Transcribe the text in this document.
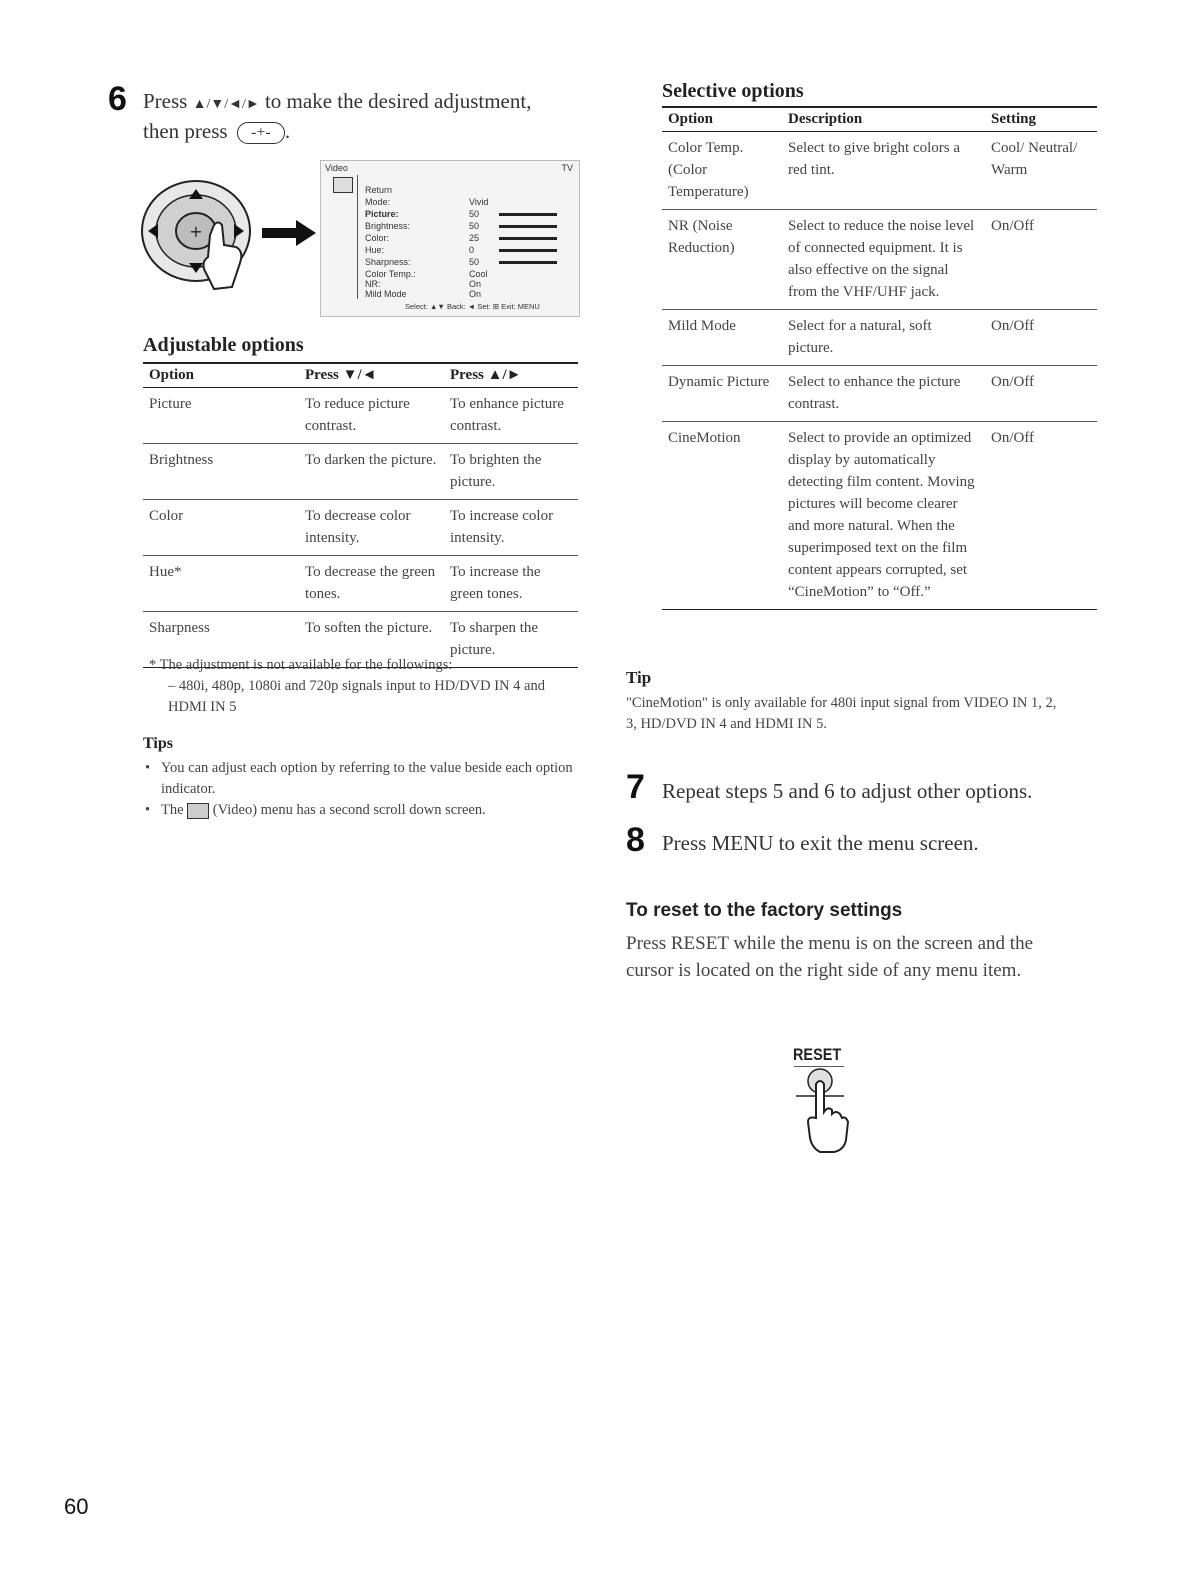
6 Press ▲/▼/◄/► to make the desired adjustment,
then press -+- .
+
Video	TV
Return
Mode:	Vivid
Picture:	50
Brightness:	50
Color:	25
Hue:	0
Sharpness:	50
Color Temp.:	Cool
NR:	On
Mild Mode	On
Select: ▲▼ Back: ◄ Set: ⊞ Exit: MENU
Adjustable options
Option	Press ▼/◄	Press ▲/►
Picture	To reduce picture contrast.	To enhance picture contrast.
Brightness	To darken the picture.	To brighten the picture.
Color	To decrease color intensity.	To increase color intensity.
Hue*	To decrease the green tones.	To increase the green tones.
Sharpness	To soften the picture.	To sharpen the picture.
* The adjustment is not available for the followings:
– 480i, 480p, 1080i and 720p signals input to HD/DVD IN 4 and HDMI IN 5
Tips
• You can adjust each option by referring to the value beside each option indicator.
• The (Video) menu has a second scroll down screen.
Selective options
Option	Description	Setting
Color Temp. (Color Temperature)	Select to give bright colors a red tint.	Cool/ Neutral/ Warm
NR (Noise Reduction)	Select to reduce the noise level of connected equipment. It is also effective on the signal from the VHF/UHF jack.	On/Off
Mild Mode	Select for a natural, soft picture.	On/Off
Dynamic Picture	Select to enhance the picture contrast.	On/Off
CineMotion	Select to provide an optimized display by automatically detecting film content. Moving pictures will become clearer and more natural. When the superimposed text on the film content appears corrupted, set “CineMotion” to “Off.”	On/Off
Tip
"CineMotion" is only available for 480i input signal from VIDEO IN 1, 2, 3, HD/DVD IN 4 and HDMI IN 5.
7 Repeat steps 5 and 6 to adjust other options.
8 Press MENU to exit the menu screen.
To reset to the factory settings
Press RESET while the menu is on the screen and the cursor is located on the right side of any menu item.
RESET
60
